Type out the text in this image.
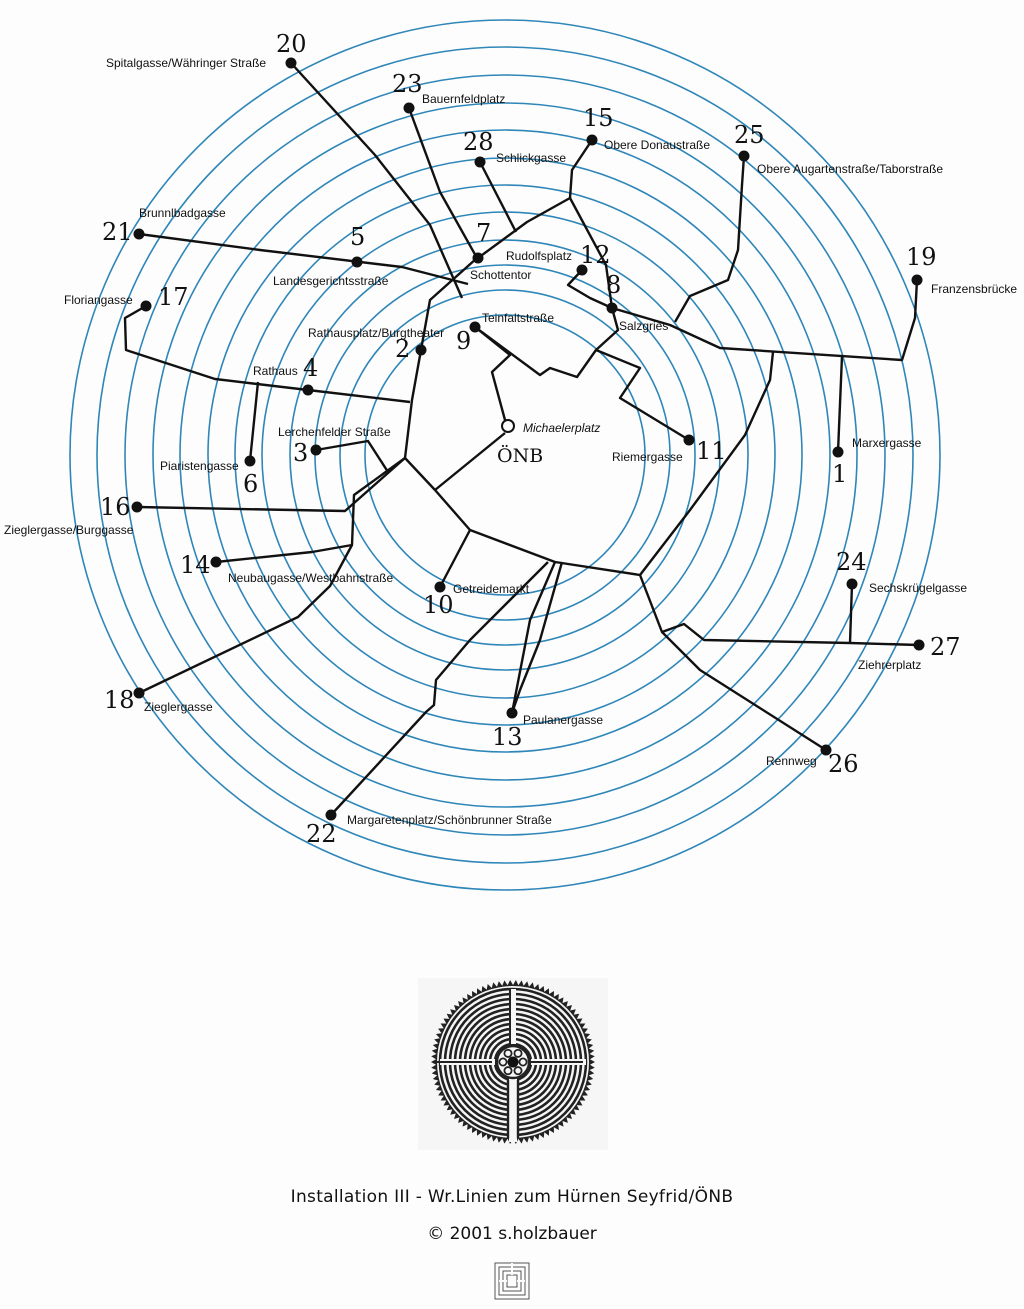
1
Marxergasse
2
Rathausplatz/Burgtheater
3
Lerchenfelder Straße
4
Rathaus
5
Landesgerichtsstraße
6
Piaristengasse
7
Schottentor	8
Salzgries
9
Teinfaltstraße
10
Getreidemarkt
11
Riemergasse
12
Rudolfsplatz
13
Paulanergasse
14 Neubaugasse/Westbahnstraße
15
Obere Donaustraße
16
Zieglergasse/Burggasse
17
Floriangasse
18 Zieglergasse
19
Franzensbrücke
20
Spitalgasse/Währinger Straße
21
Brunnlbadgasse
22 Margaretenplatz/Schönbrunner Straße
23
Bauernfeldplatz
24
Sechskrügelgasse
25
Obere Augartenstraße/Taborstraße
26
Rennweg
27
Ziehrerplatz
28
Schlickgasse
Michaelerplatz
ÖNB
Installation III - Wr.Linien zum Hürnen Seyfrid/ÖNB
© 2001 s.holzbauer
